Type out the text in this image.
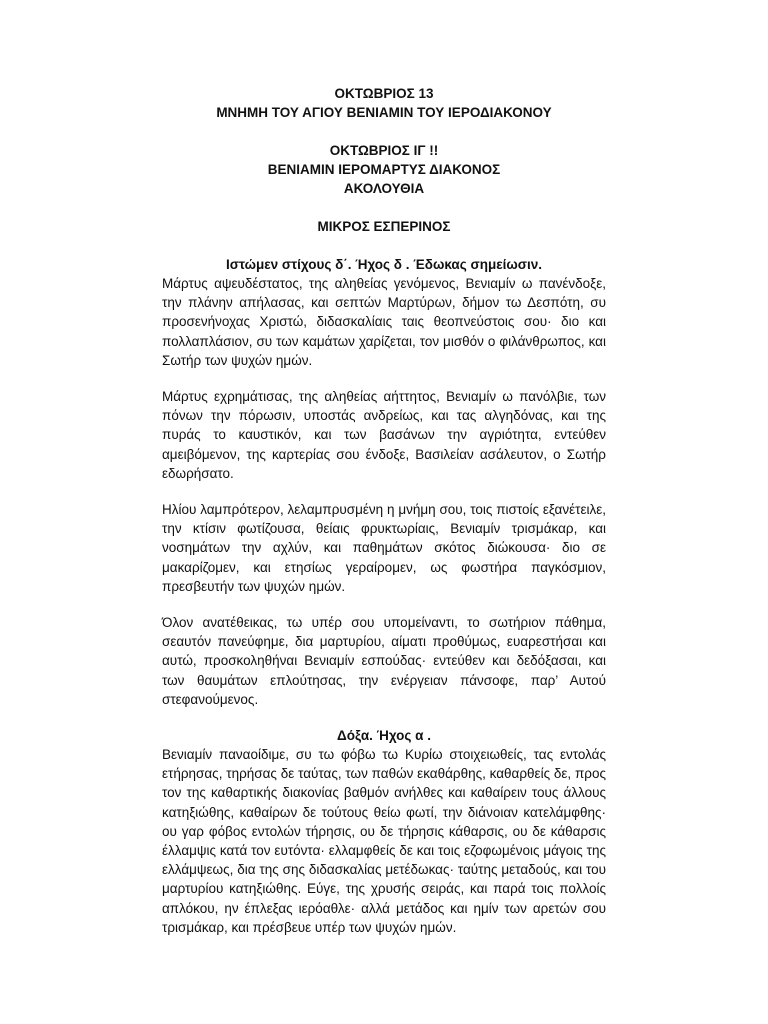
ΟΚΤΩΒΡΙΟΣ 13

ΜΝΗΜΗ ΤΟΥ ΑΓΙΟΥ ΒΕΝΙΑΜΙΝ ΤΟΥ ΙΕΡΟΔΙΑΚΟΝΟΥ

ΟΚΤΩΒΡΙΟΣ ΙΓ !!

ΒΕΝΙΑΜΙΝ ΙΕΡΟΜΑΡΤΥΣ ΔΙΑΚΟΝΟΣ

ΑΚΟΛΟΥΘΙΑ

ΜΙΚΡΟΣ ΕΣΠΕΡΙΝΟΣ

Ιστώμεν στίχους δ΄. Ήχος δ . Έδωκας σημείωσιν.

Μάρτυς αψευδέστατος, της αληθείας γενόμενος, Βενιαμίν ω πανένδοξε, την πλάνην απήλασας, και σεπτών Μαρτύρων, δήμον τω Δεσπότη, συ προσενήνοχας Χριστώ, διδασκαλίαις ταις θεοπνεύστοις σου· διο και πολλαπλάσιον, συ των καμάτων χαρίζεται, τον μισθόν ο φιλάνθρωπος, και Σωτήρ των ψυχών ημών.

Μάρτυς εχρημάτισας, της αληθείας αήττητος, Βενιαμίν ω πανόλβιε, των πόνων την πόρωσιν, υποστάς ανδρείως, και τας αλγηδόνας, και της πυράς το καυστικόν, και των βασάνων την αγριότητα, εντεύθεν αμειβόμενον, της καρτερίας σου ένδοξε, Βασιλείαν ασάλευτον, ο Σωτήρ εδωρήσατο.

Ηλίου λαμπρότερον, λελαμπρυσμένη η μνήμη σου, τοις πιστοίς εξανέτειλε, την κτίσιν φωτίζουσα, θείαις φρυκτωρίαις, Βενιαμίν τρισμάκαρ, και νοσημάτων την αχλύν, και παθημάτων σκότος διώκουσα· διο σε μακαρίζομεν, και ετησίως γεραίρομεν, ως φωστήρα παγκόσμιον, πρεσβευτήν των ψυχών ημών.

Όλον ανατέθεικας, τω υπέρ σου υπομείναντι, το σωτήριον πάθημα, σεαυτόν πανεύφημε, δια μαρτυρίου, αίματι προθύμως, ευαρεστήσαι και αυτώ, προσκοληθήναι Βενιαμίν εσπούδας· εντεύθεν και δεδόξασαι, και των θαυμάτων επλούτησας, την ενέργειαν πάνσοφε, παρ’ Αυτού στεφανούμενος.

Δόξα. Ήχος α .

Βενιαμίν παναοίδιμε, συ τω φόβω τω Κυρίω στοιχειωθείς, τας εντολάς ετήρησας, τηρήσας δε ταύτας, των παθών εκαθάρθης, καθαρθείς δε, προς τον της καθαρτικής διακονίας βαθμόν ανήλθες και καθαίρειν τους άλλους κατηξιώθης, καθαίρων δε τούτους θείω φωτί, την διάνοιαν κατελάμφθης· ου γαρ φόβος εντολών τήρησις, ου δε τήρησις κάθαρσις, ου δε κάθαρσις έλλαμψις κατά τον ευτόντα· ελλαμφθείς δε και τοις εζοφωμένοις μάγοις της ελλάμψεως, δια της σης διδασκαλίας μετέδωκας· ταύτης μεταδούς, και του μαρτυρίου κατηξιώθης. Εύγε, της χρυσής σειράς, και παρά τοις πολλοίς απλόκου, ην έπλεξας ιερόαθλε· αλλά μετάδος και ημίν των αρετών σου τρισμάκαρ, και πρέσβευε υπέρ των ψυχών ημών.
